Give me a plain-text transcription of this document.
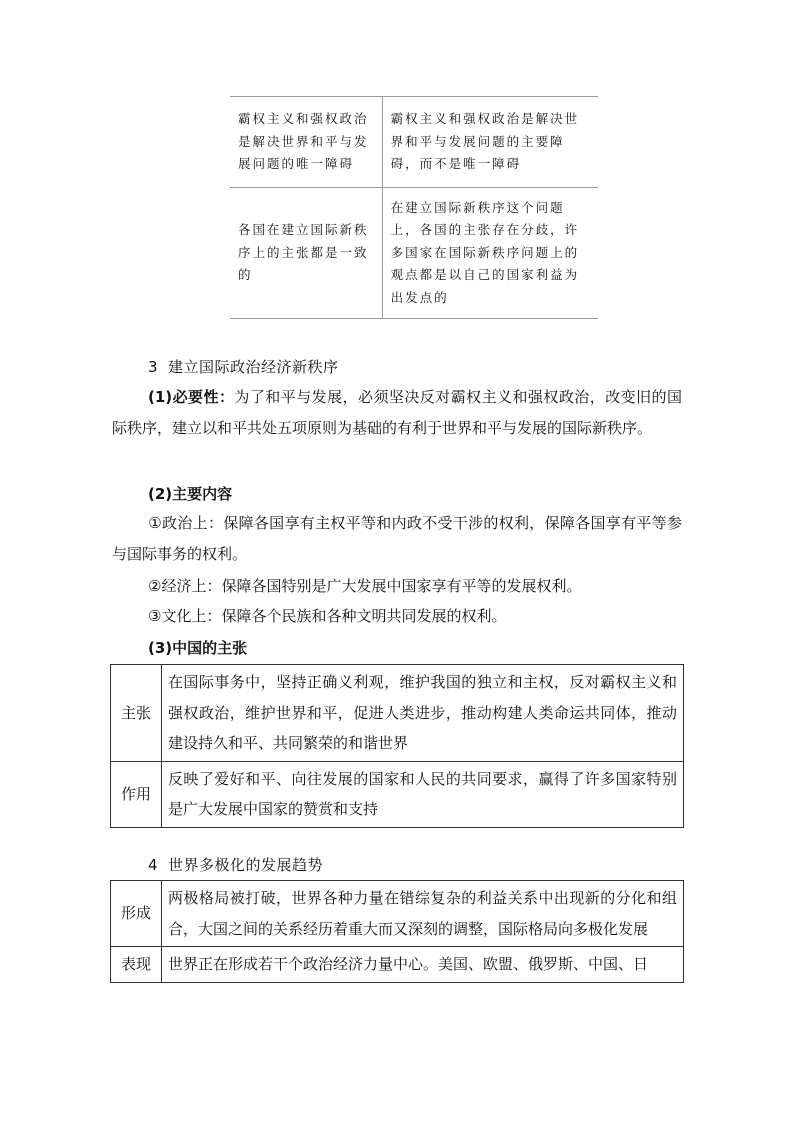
霸权主义和强权政治是解决世界和平与发展问题的唯一障碍	霸权主义和强权政治是解决世界和平与发展问题的主要障碍，而不是唯一障碍
各国在建立国际新秩序上的主张都是一致的	在建立国际新秩序这个问题上，各国的主张存在分歧，许多国家在国际新秩序问题上的观点都是以自己的国家利益为出发点的
3 建立国际政治经济新秩序
(1)必要性：为了和平与发展，必须坚决反对霸权主义和强权政治，改变旧的国际秩序，建立以和平共处五项原则为基础的有利于世界和平与发展的国际新秩序。
(2)主要内容
①政治上：保障各国享有主权平等和内政不受干涉的权利，保障各国享有平等参与国际事务的权利。
②经济上：保障各国特别是广大发展中国家享有平等的发展权利。
③文化上：保障各个民族和各种文明共同发展的权利。
(3)中国的主张
主张	在国际事务中，坚持正确义利观，维护我国的独立和主权，反对霸权主义和强权政治，维护世界和平，促进人类进步，推动构建人类命运共同体，推动建设持久和平、共同繁荣的和谐世界
作用	反映了爱好和平、向往发展的国家和人民的共同要求，赢得了许多国家特别是广大发展中国家的赞赏和支持
4 世界多极化的发展趋势
形成	两极格局被打破，世界各种力量在错综复杂的利益关系中出现新的分化和组合，大国之间的关系经历着重大而又深刻的调整，国际格局向多极化发展
表现	世界正在形成若干个政治经济力量中心。美国、欧盟、俄罗斯、中国、日
